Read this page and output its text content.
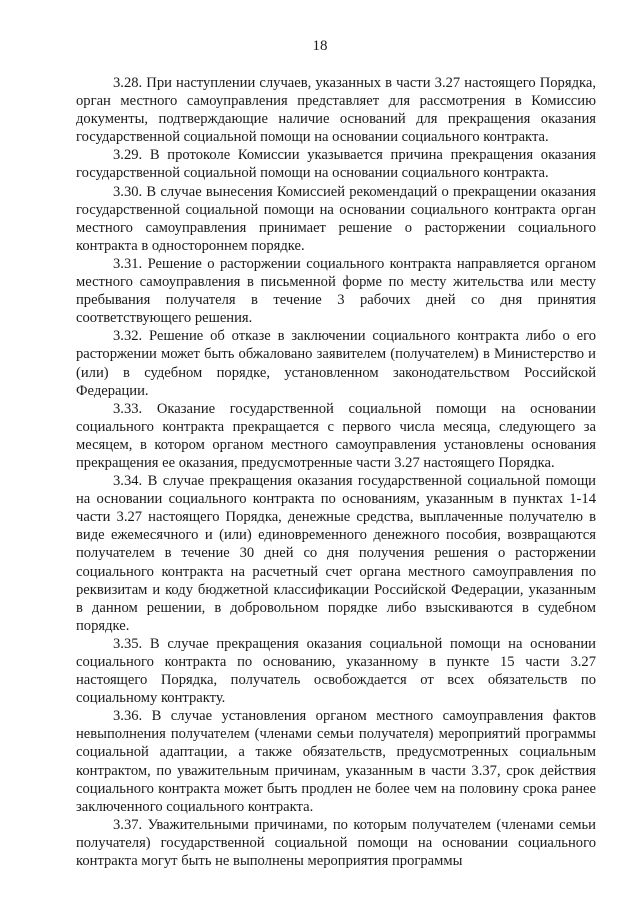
18

3.28. При наступлении случаев, указанных в части 3.27 настоящего Порядка, орган местного самоуправления представляет для рассмотрения в Комиссию документы, подтверждающие наличие оснований для прекращения оказания государственной социальной помощи на основании социального контракта.

3.29. В протоколе Комиссии указывается причина прекращения оказания государственной социальной помощи на основании социального контракта.

3.30. В случае вынесения Комиссией рекомендаций о прекращении оказания государственной социальной помощи на основании социального контракта орган местного самоуправления принимает решение о расторжении социального контракта в одностороннем порядке.

3.31. Решение о расторжении социального контракта направляется органом местного самоуправления в письменной форме по месту жительства или месту пребывания получателя в течение 3 рабочих дней со дня принятия соответствующего решения.

3.32. Решение об отказе в заключении социального контракта либо о его расторжении может быть обжаловано заявителем (получателем) в Министерство и (или) в судебном порядке, установленном законодательством Российской Федерации.

3.33. Оказание государственной социальной помощи на основании социального контракта прекращается с первого числа месяца, следующего за месяцем, в котором органом местного самоуправления установлены основания прекращения ее оказания, предусмотренные части 3.27 настоящего Порядка.

3.34. В случае прекращения оказания государственной социальной помощи на основании социального контракта по основаниям, указанным в пунктах 1-14 части 3.27 настоящего Порядка, денежные средства, выплаченные получателю в виде ежемесячного и (или) единовременного денежного пособия, возвращаются получателем в течение 30 дней со дня получения решения о расторжении социального контракта на расчетный счет органа местного самоуправления по реквизитам и коду бюджетной классификации Российской Федерации, указанным в данном решении, в добровольном порядке либо взыскиваются в судебном порядке.

3.35. В случае прекращения оказания социальной помощи на основании социального контракта по основанию, указанному в пункте 15 части 3.27 настоящего Порядка, получатель освобождается от всех обязательств по социальному контракту.

3.36. В случае установления органом местного самоуправления фактов невыполнения получателем (членами семьи получателя) мероприятий программы социальной адаптации, а также обязательств, предусмотренных социальным контрактом, по уважительным причинам, указанным в части 3.37, срок действия социального контракта может быть продлен не более чем на половину срока ранее заключенного социального контракта.

3.37. Уважительными причинами, по которым получателем (членами семьи получателя) государственной социальной помощи на основании социального контракта могут быть не выполнены мероприятия программы
